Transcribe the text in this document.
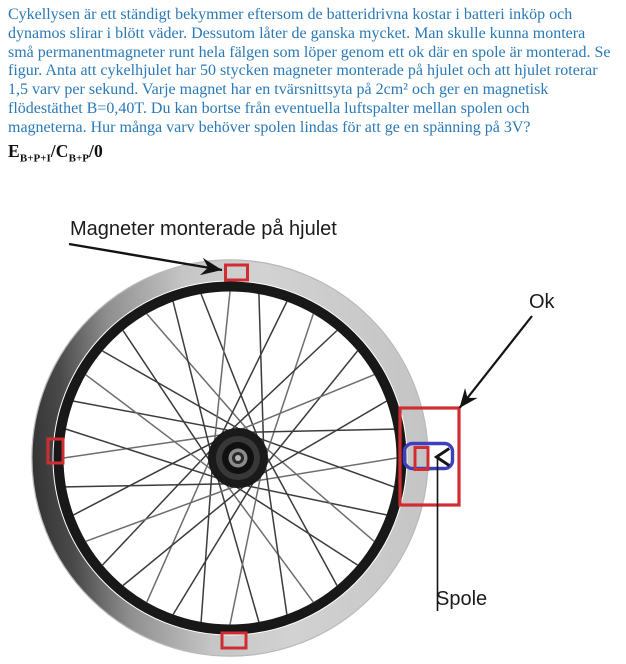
Cykellysen är ett ständigt bekymmer eftersom de batteridrivna kostar i batteri inköp och
dynamos slirar i blött väder. Dessutom låter de ganska mycket. Man skulle kunna montera
små permanentmagneter runt hela fälgen som löper genom ett ok där en spole är monterad. Se
figur. Anta att cykelhjulet har 50 stycken magneter monterade på hjulet och att hjulet roterar
1,5 varv per sekund. Varje magnet har en tvärsnittsyta på 2cm² och ger en magnetisk
flödestäthet B=0,40T. Du kan bortse från eventuella luftspalter mellan spolen och
magneterna. Hur många varv behöver spolen lindas för att ge en spänning på 3V?
$E_{B+P+I}/C_{B+P}/0$
Magneter monterade på hjulet
Ok
Spole
